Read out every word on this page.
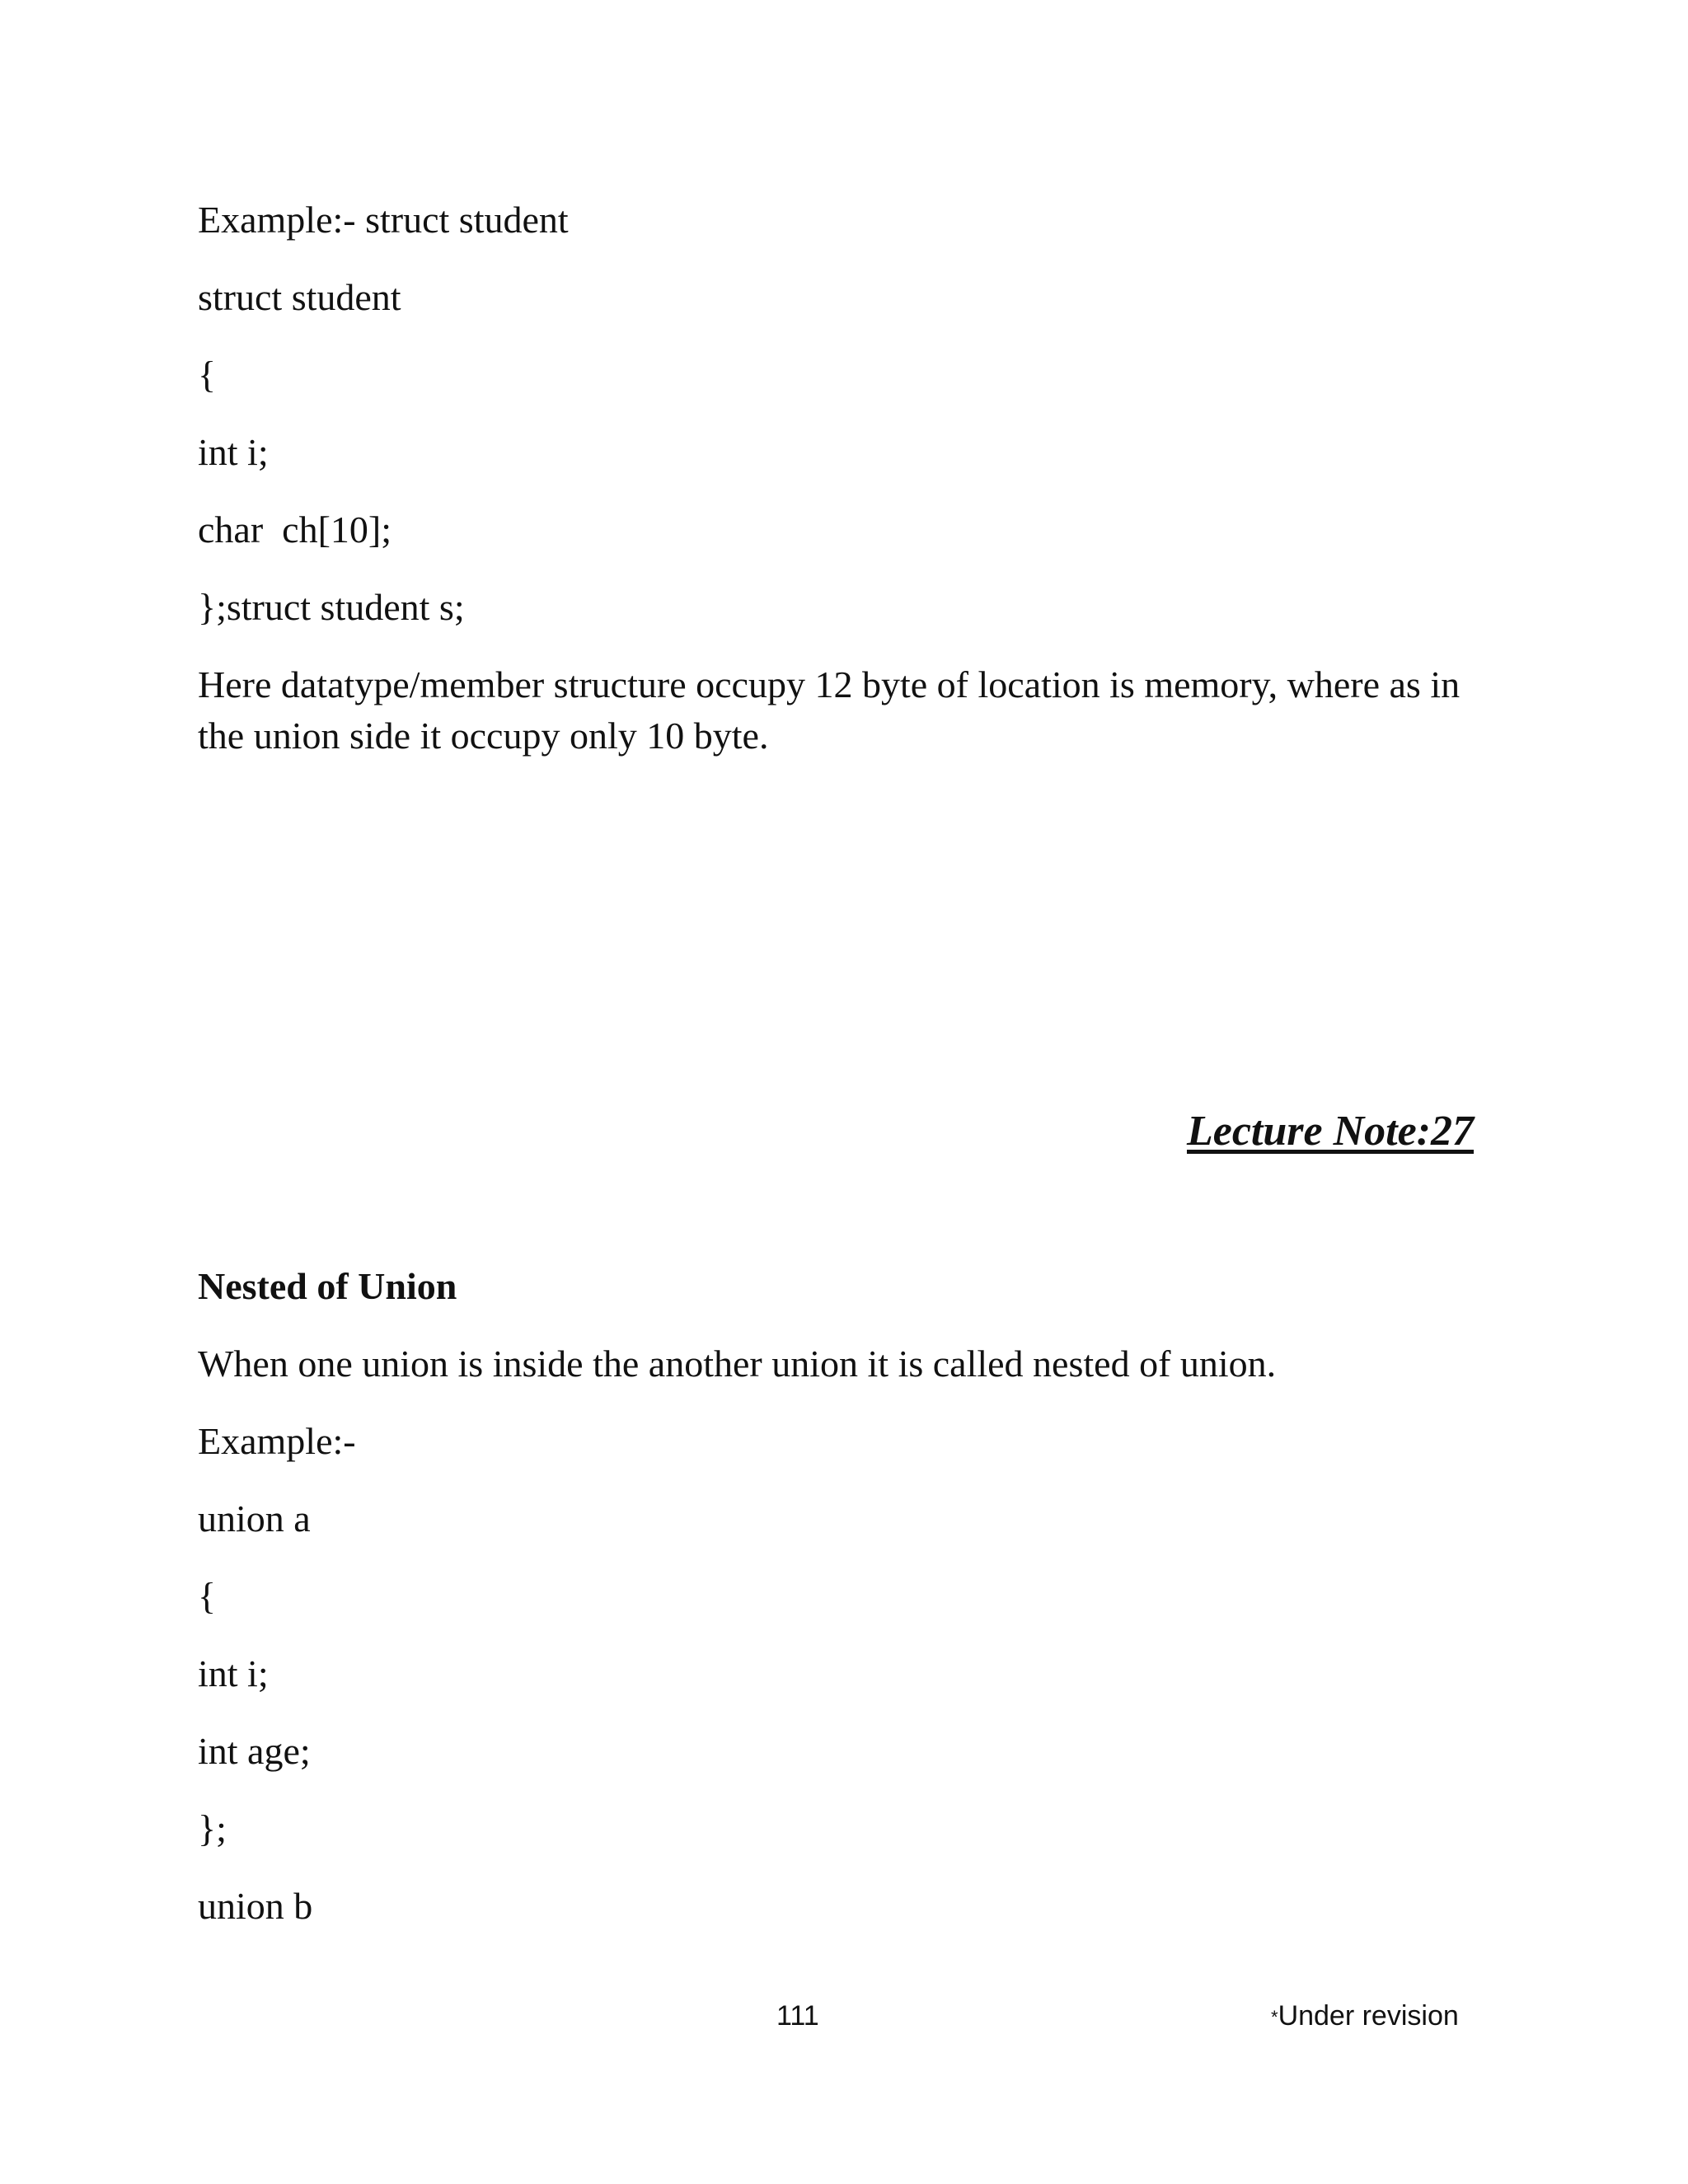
Example:- struct student

struct student

{

int i;

char  ch[10];

};struct student s;

Here datatype/member structure occupy 12 byte of location is memory, where as in the union side it occupy only 10 byte.

Lecture Note:27
Nested of Union

When one union is inside the another union it is called nested of union.

Example:-

union a

{

int i;

int age;

};

union b

111	*Under revision
